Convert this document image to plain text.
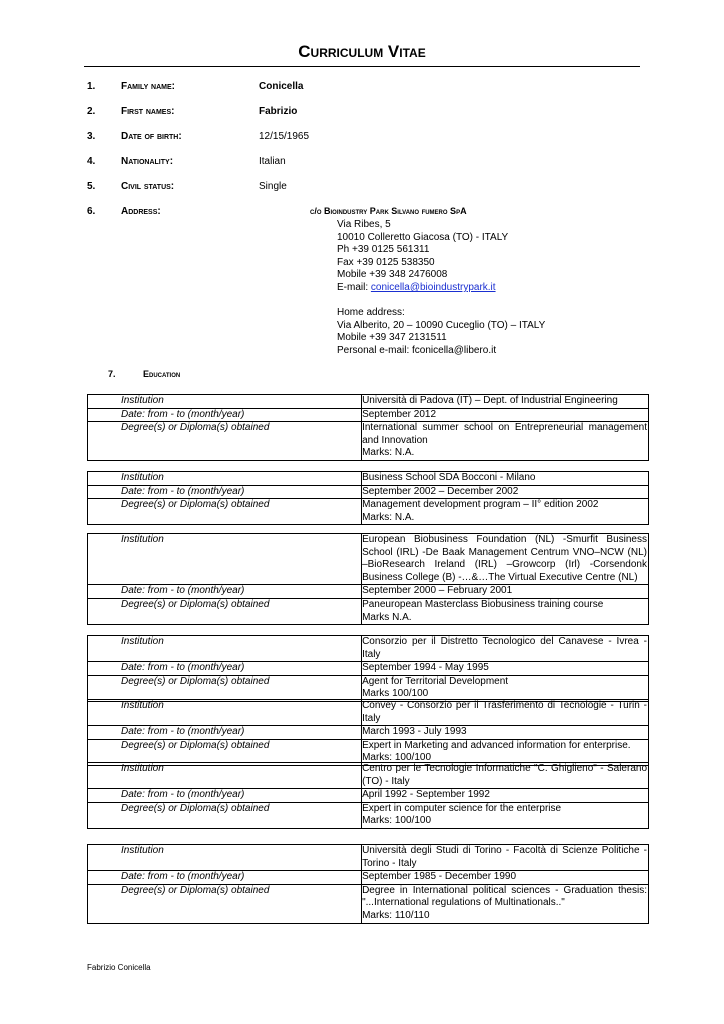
Curriculum Vitae
1.	Family name:	Conicella
2.	First names:	Fabrizio
3.	Date of birth:	12/15/1965
4.	Nationality:	Italian
5.	Civil status:	Single
6.	Address:	c/o Bioindustry Park Silvano fumero SpA
Via Ribes, 5
10010 Colleretto Giacosa (TO) - ITALY
Ph +39 0125 561311
Fax +39 0125 538350
Mobile +39 348 2476008
E-mail: conicella@bioindustrypark.it
Home address:
Via Alberito, 20 – 10090 Cuceglio (TO) – ITALY
Mobile +39 347 2131511
Personal e-mail: fconicella@libero.it
7.	Education
Institution	Università di Padova (IT) – Dept. of Industrial Engineering
Date: from - to (month/year)	September 2012
Degree(s) or Diploma(s) obtained	International summer school on Entrepreneurial management and Innovation
Marks: N.A.
Institution	Business School SDA Bocconi - Milano
Date: from - to (month/year)	September 2002 – December 2002
Degree(s) or Diploma(s) obtained	Management development program – II° edition 2002
Marks: N.A.
Institution	European Biobusiness Foundation (NL) -Smurfit Business School (IRL) -De Baak Management Centrum VNO–NCW (NL) –BioResearch Ireland (IRL) –Growcorp (Irl) -Corsendonk Business College (B) -…&…The Virtual Executive Centre (NL)
Date: from - to (month/year)	September 2000 – February 2001
Degree(s) or Diploma(s) obtained	Paneuropean Masterclass Biobusiness training course
Marks N.A.
Institution	Consorzio per il Distretto Tecnologico del Canavese - Ivrea - Italy
Date: from - to (month/year)	September 1994 - May 1995
Degree(s) or Diploma(s) obtained	Agent for Territorial Development
Marks 100/100
Institution	Convey - Consorzio per il Trasferimento di Tecnologie - Turin - Italy
Date: from - to (month/year)	March 1993 - July 1993
Degree(s) or Diploma(s) obtained	Expert in Marketing and advanced information for enterprise.
Marks: 100/100
Institution	Centro per le Tecnologie Informatiche "C. Ghiglieno" - Salerano (TO) - Italy
Date: from - to (month/year)	April 1992 - September 1992
Degree(s) or Diploma(s) obtained	Expert in computer science for the enterprise
Marks: 100/100
Institution	Università degli Studi di Torino - Facoltà di Scienze Politiche - Torino - Italy
Date: from - to (month/year)	September 1985 - December 1990
Degree(s) or Diploma(s) obtained	Degree in International political sciences - Graduation thesis: "...International regulations of Multinationals.."
Marks: 110/110
Fabrizio Conicella
